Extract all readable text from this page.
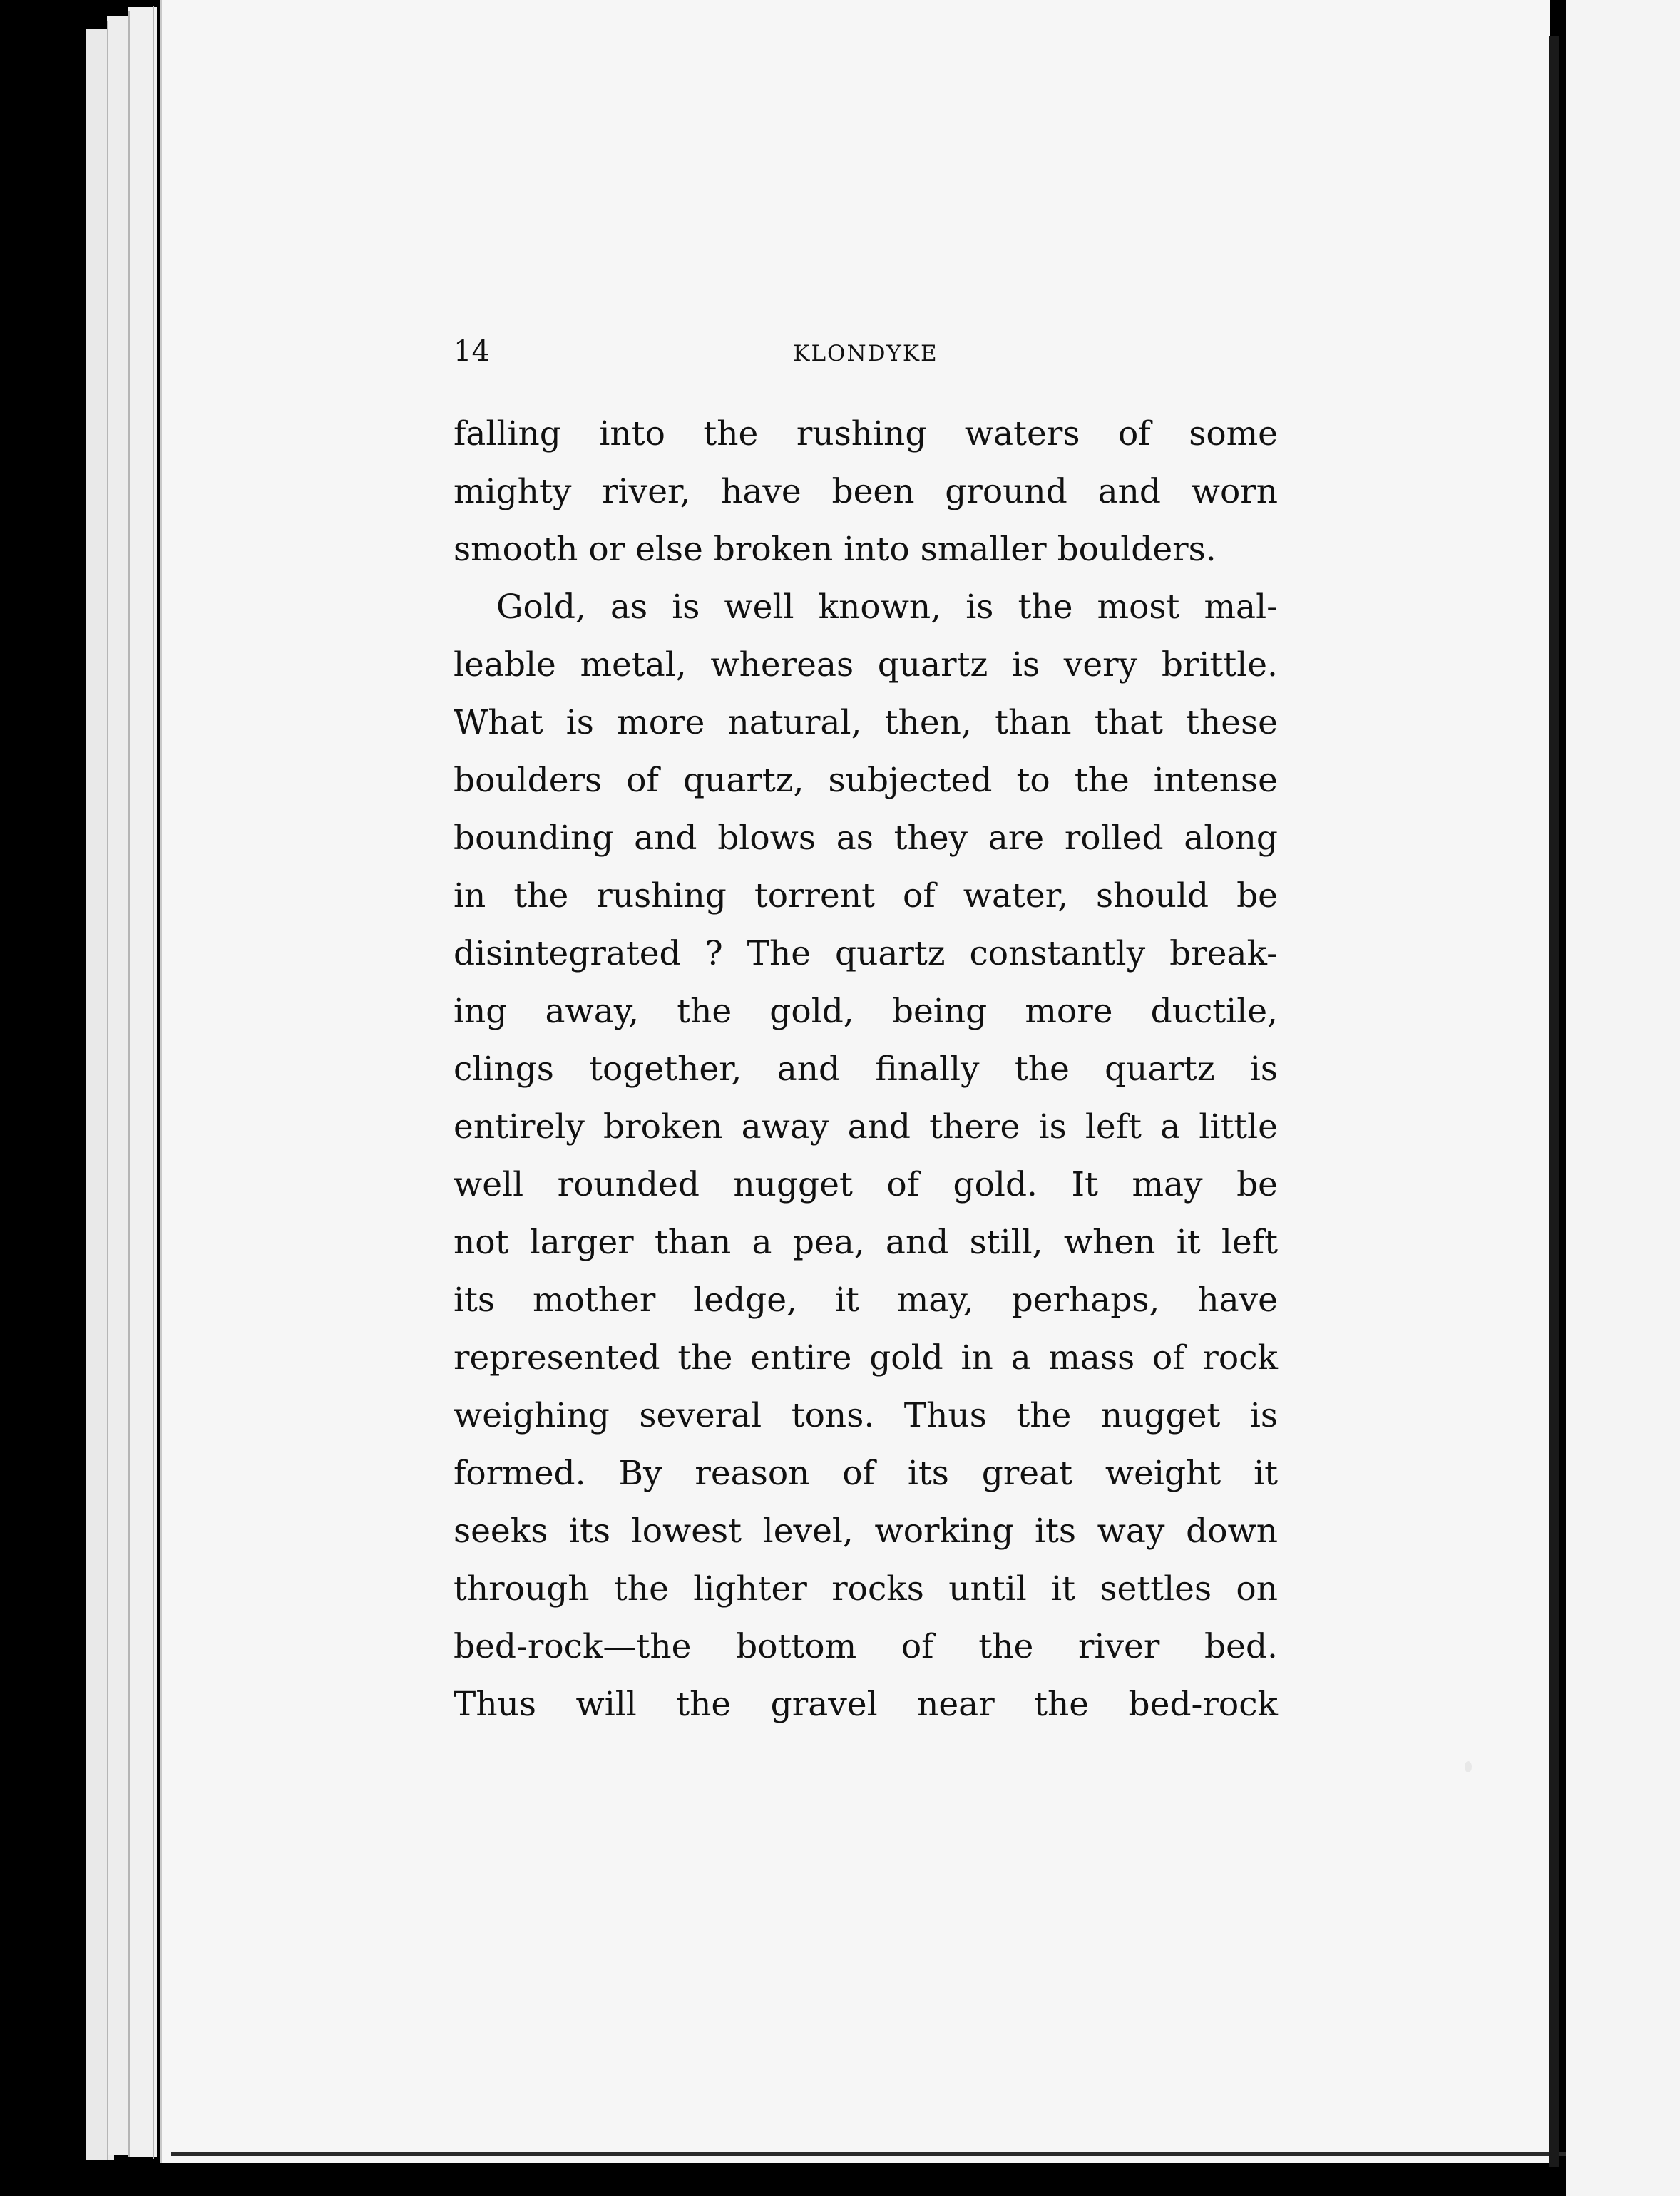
14	KLONDYKE
falling into the rushing waters of some
mighty river, have been ground and worn
smooth or else broken into smaller boulders.
Gold, as is well known, is the most mal-
leable metal, whereas quartz is very brittle.
What is more natural, then, than that these
boulders of quartz, subjected to the intense
bounding and blows as they are rolled along
in the rushing torrent of water, should be
disintegrated ? The quartz constantly break-
ing away, the gold, being more ductile,
clings together, and finally the quartz is
entirely broken away and there is left a little
well rounded nugget of gold. It may be
not larger than a pea, and still, when it left
its mother ledge, it may, perhaps, have
represented the entire gold in a mass of rock
weighing several tons. Thus the nugget is
formed. By reason of its great weight it
seeks its lowest level, working its way down
through the lighter rocks until it settles on
bed-rock—the bottom of the river bed.
Thus will the gravel near the bed-rock
